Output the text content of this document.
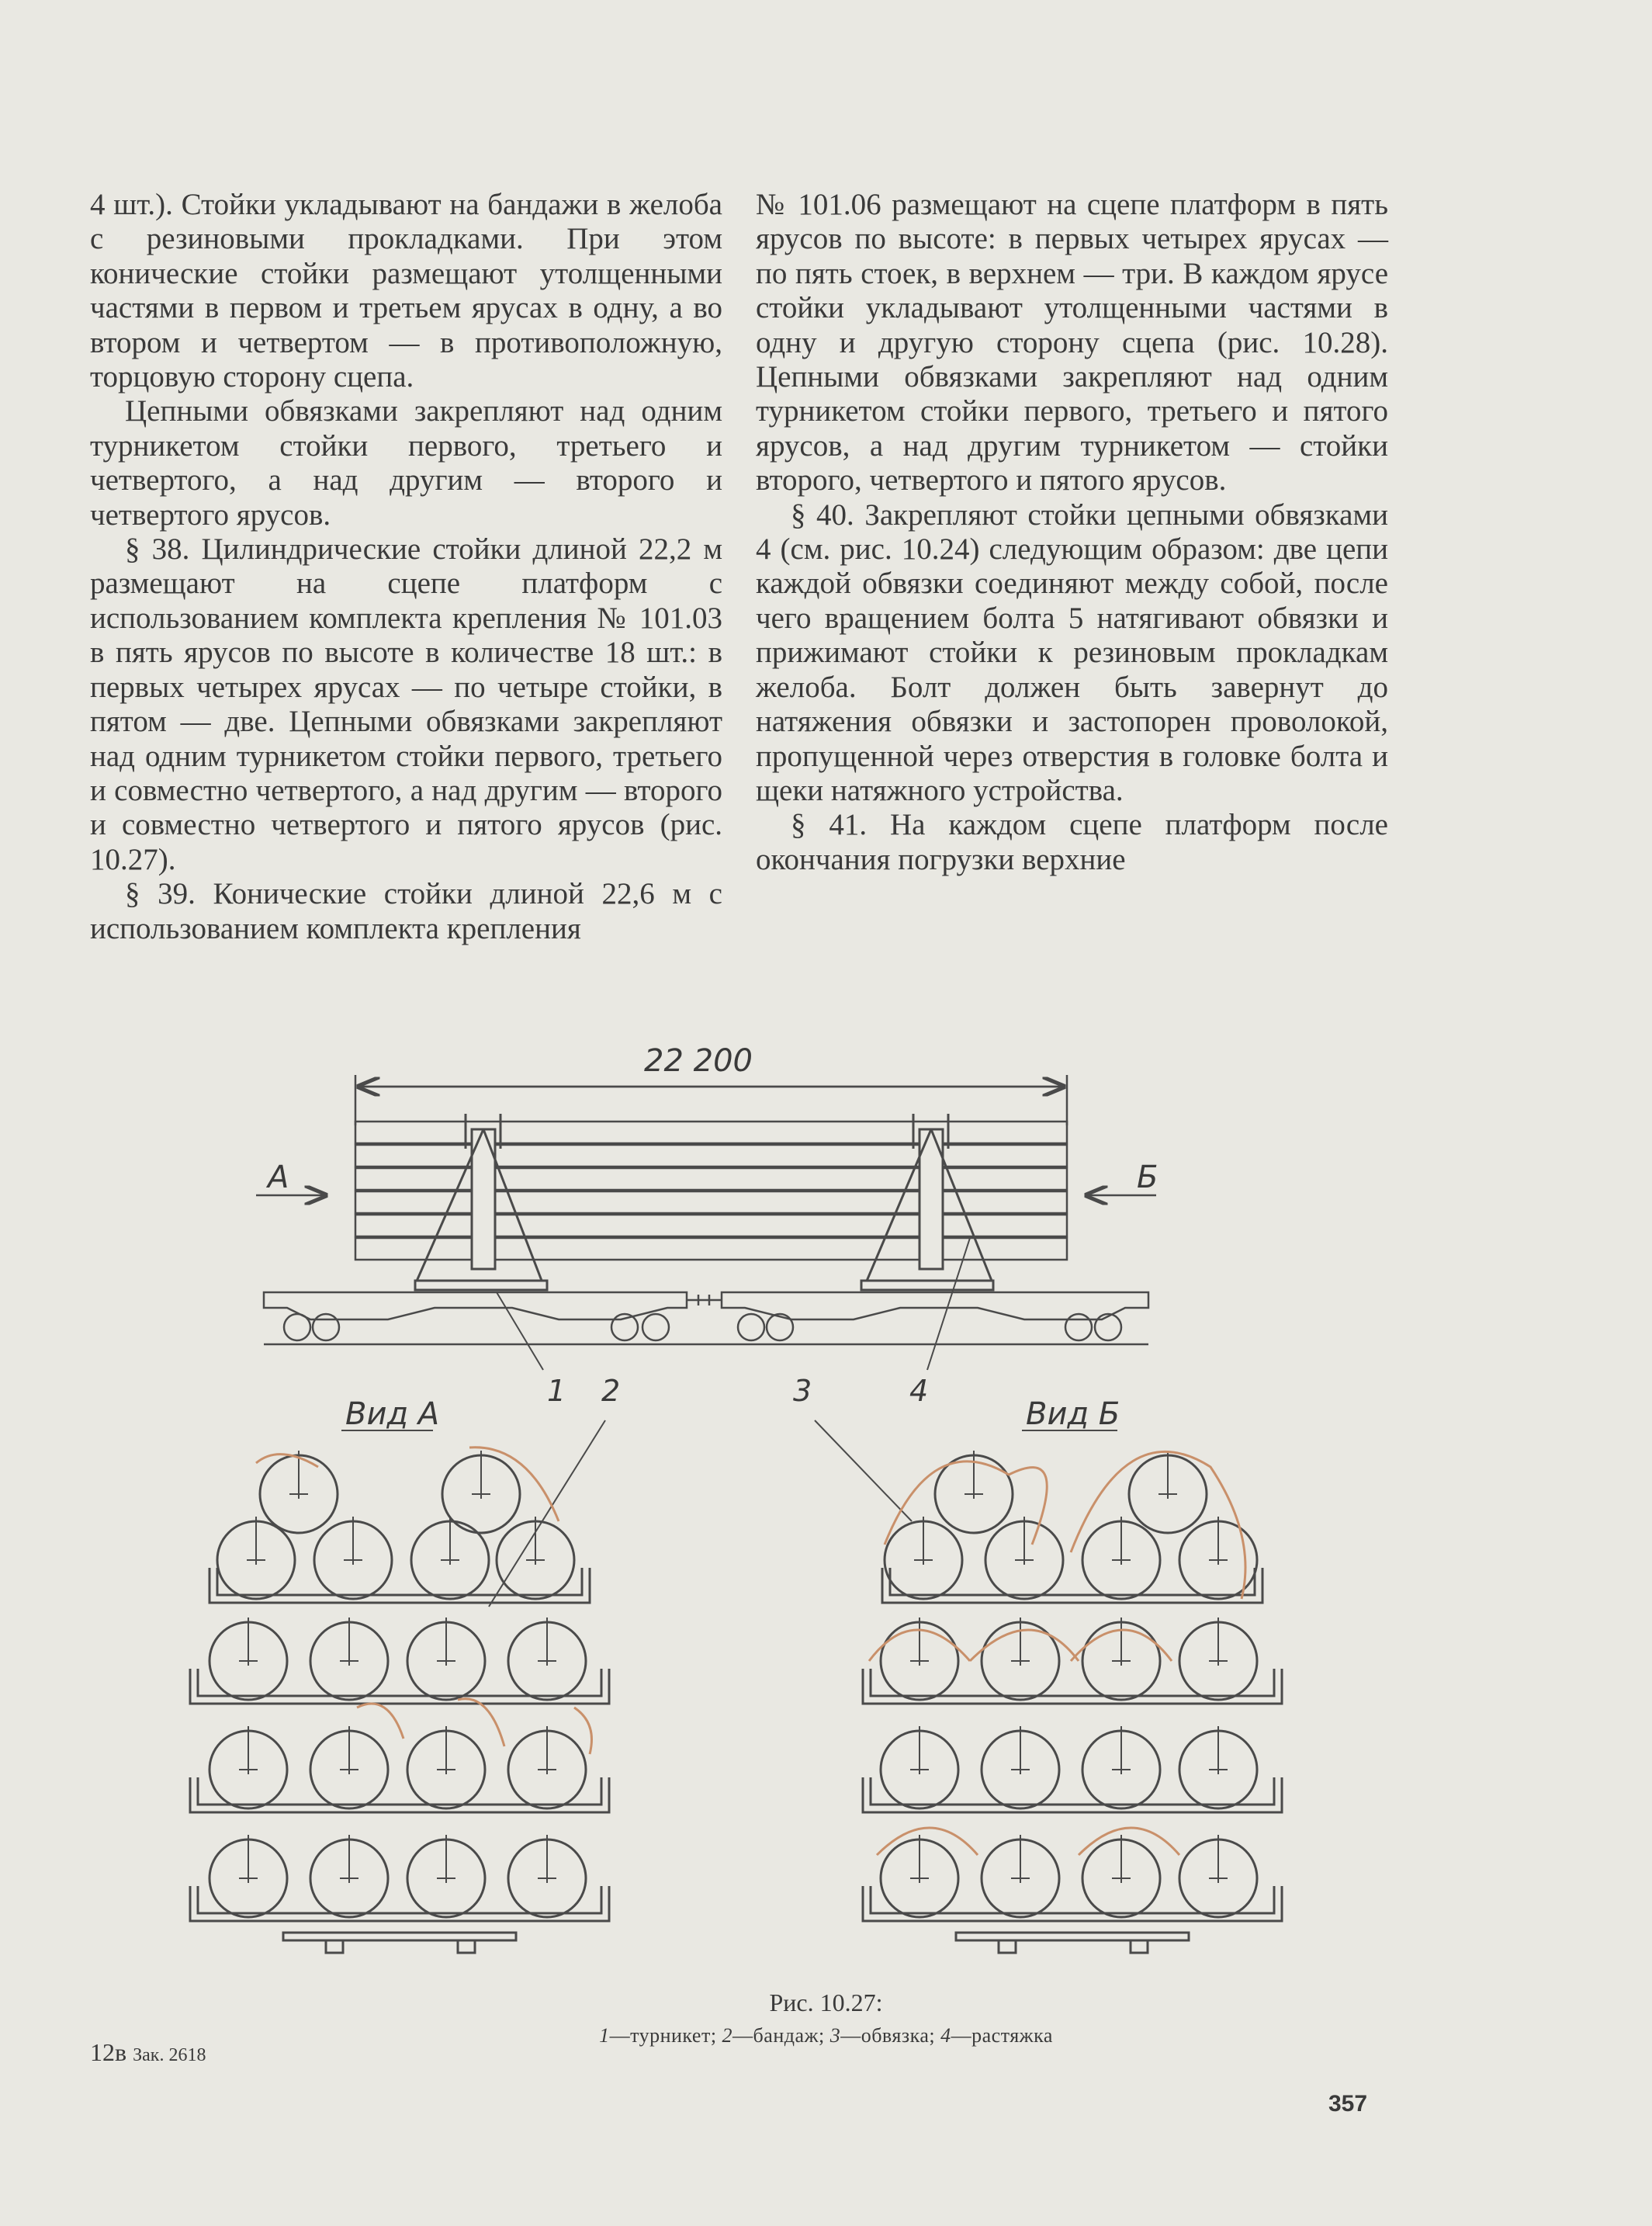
4 шт.). Стойки укладывают на бандажи в желоба с резиновыми прокладками. При этом конические стойки размещают утолщенными частями в первом и третьем ярусах в одну, а во втором и четвертом — в противоположную, торцовую сторону сцепа.

Цепными обвязками закрепляют над одним турникетом стойки первого, третьего и четвертого, а над другим — второго и четвертого ярусов.

§ 38. Цилиндрические стойки длиной 22,2 м размещают на сцепе платформ с использованием комплекта крепления № 101.03 в пять ярусов по высоте в количестве 18 шт.: в первых четырех ярусах — по четыре стойки, в пятом — две. Цепными обвязками закрепляют над одним турникетом стойки первого, третьего и совместно четвертого, а над другим — второго и совместно четвертого и пятого ярусов (рис. 10.27).

§ 39. Конические стойки длиной 22,6 м с использованием комплекта крепления

№ 101.06 размещают на сцепе платформ в пять ярусов по высоте: в первых четырех ярусах — по пять стоек, в верхнем — три. В каждом ярусе стойки укладывают утолщенными частями в одну и другую сторону сцепа (рис. 10.28). Цепными обвязками закрепляют над одним турникетом стойки первого, третьего и пятого ярусов, а над другим турникетом — стойки второго, четвертого и пятого ярусов.

§ 40. Закрепляют стойки цепными обвязками 4 (см. рис. 10.24) следующим образом: две цепи каждой обвязки соединяют между собой, после чего вращением болта 5 натягивают обвязки и прижимают стойки к резиновым прокладкам желоба. Болт должен быть завернут до натяжения обвязки и застопорен проволокой, пропущенной через отверстия в головке болта и щеки натяжного устройства.

§ 41. На каждом сцепе платформ после окончания погрузки верхние

22 200
А	Б
1 2	3	4
Вид А	Вид Б
Рис. 10.27:
1—турникет; 2—бандаж; 3—обвязка; 4—растяжка
12в Зак. 2618
357
